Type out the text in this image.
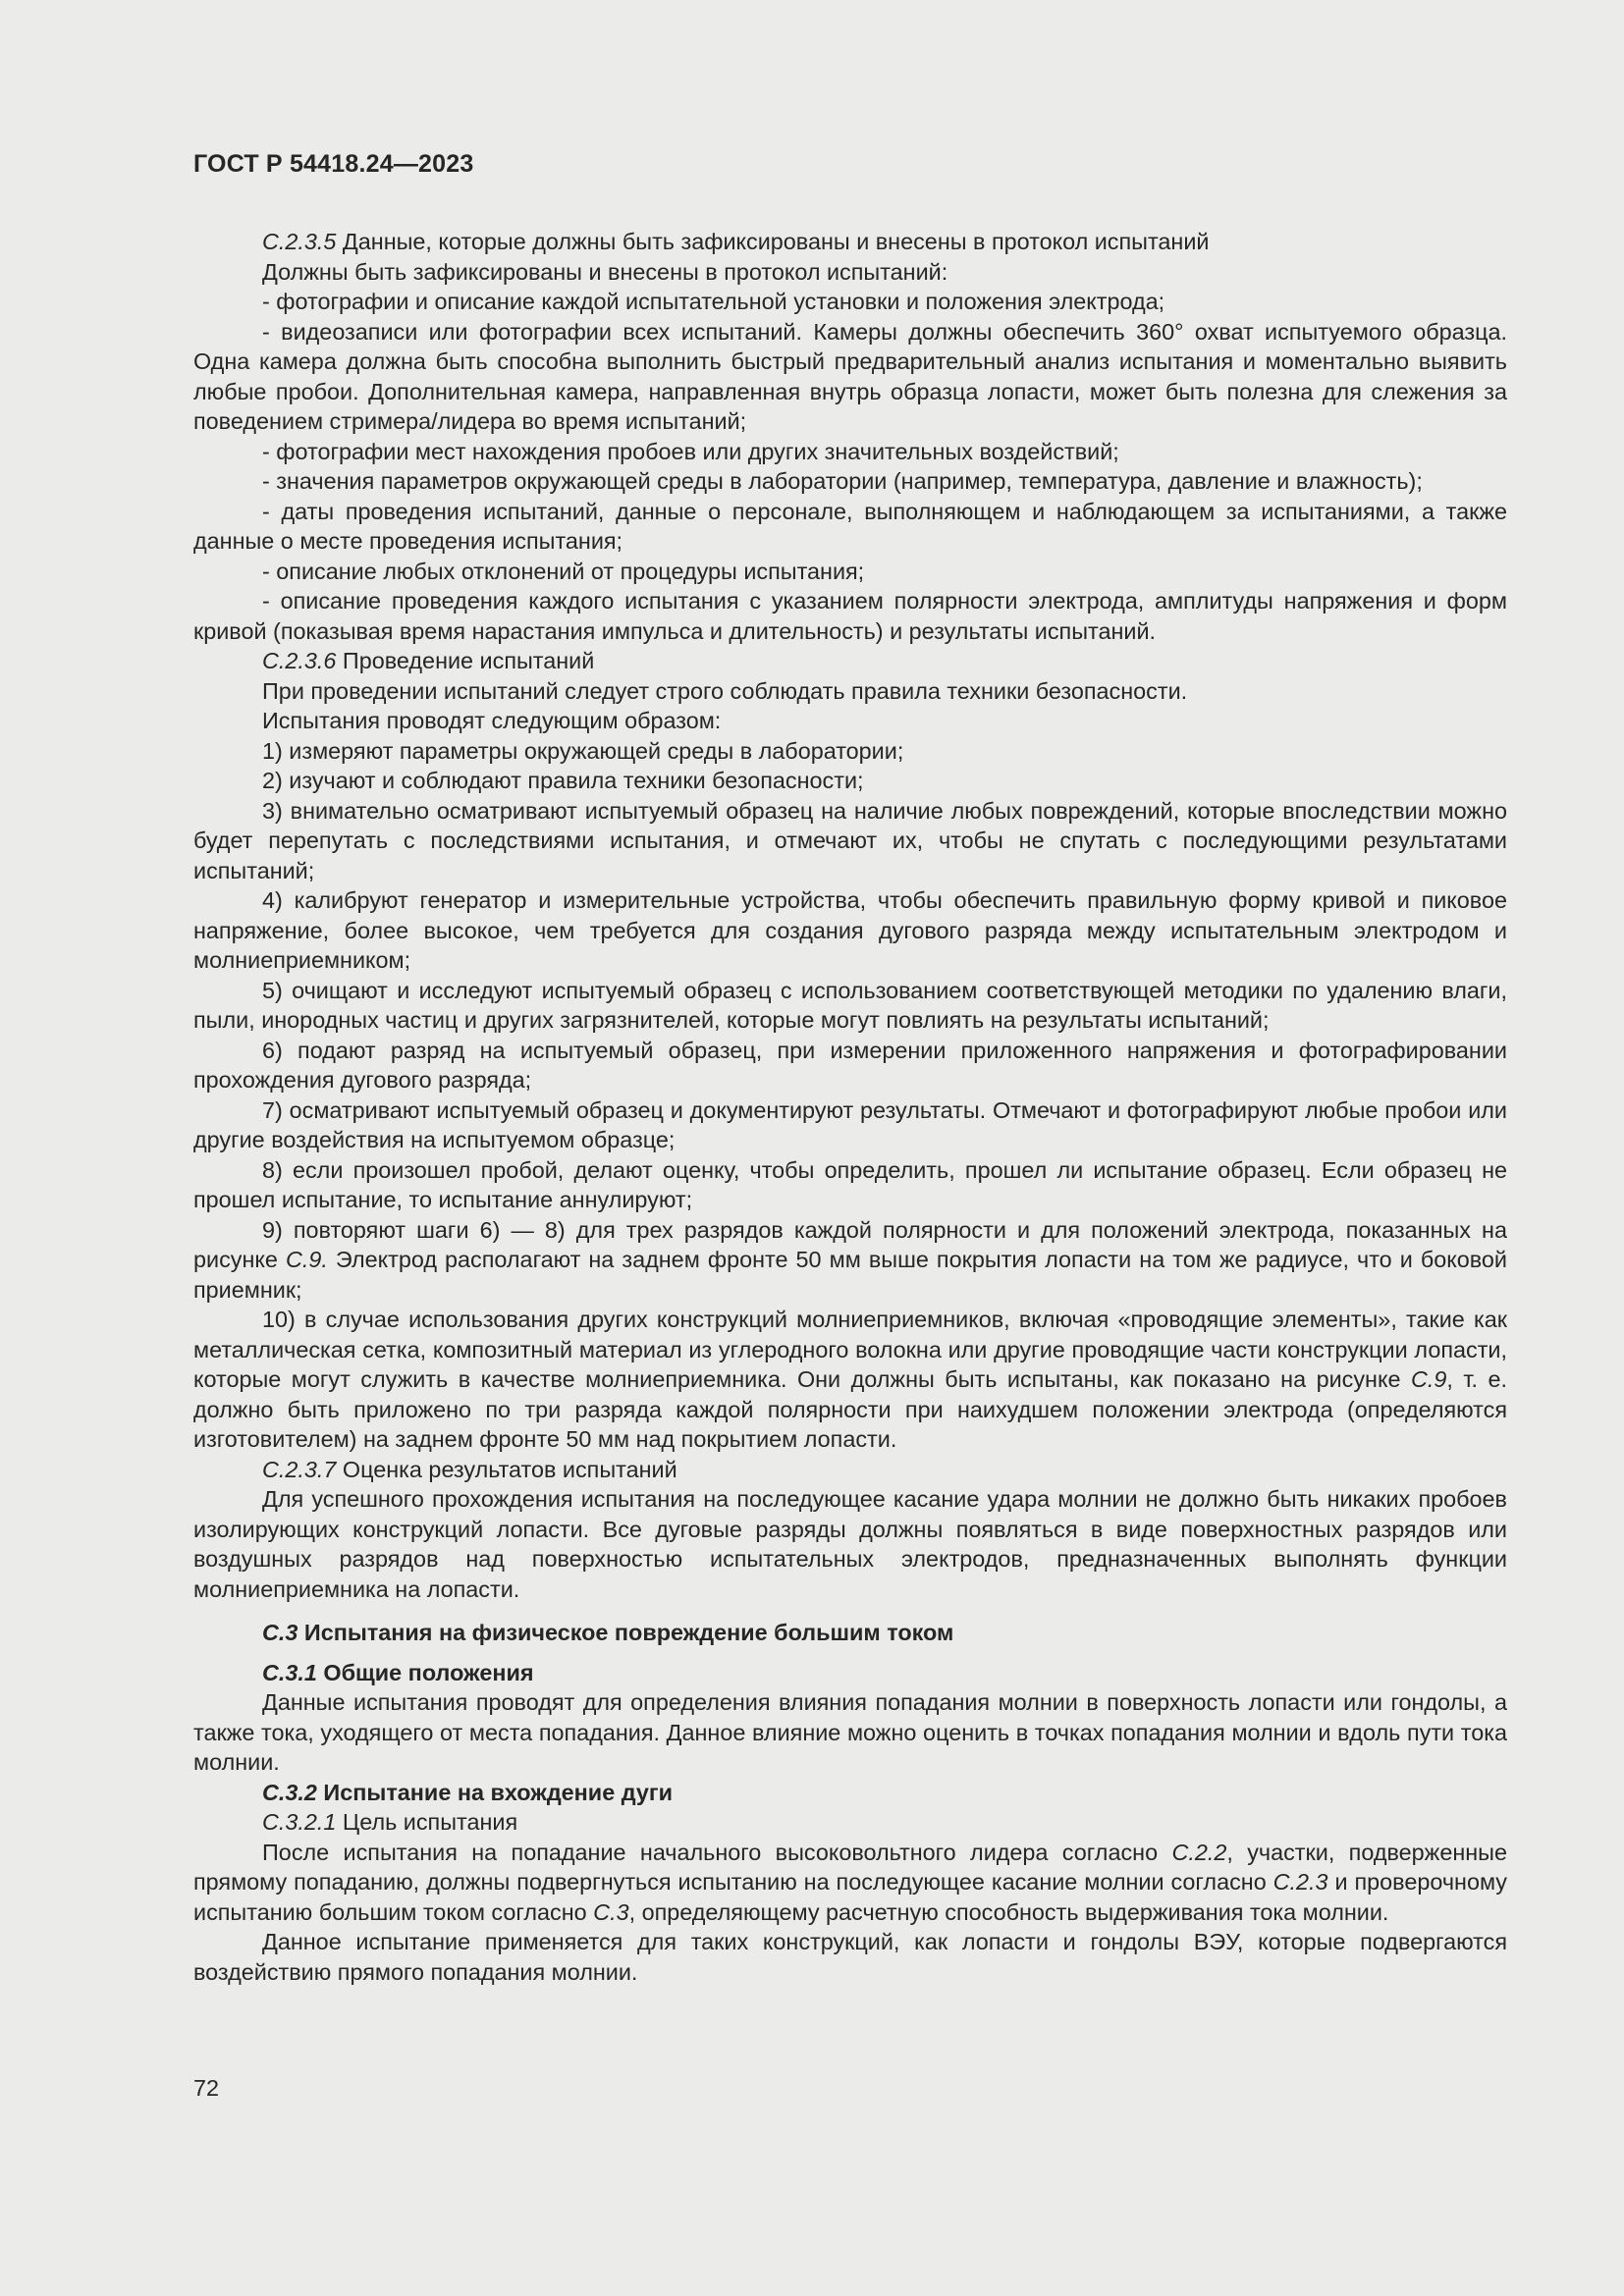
ГОСТ Р 54418.24—2023

C.2.3.5 Данные, которые должны быть зафиксированы и внесены в протокол испытаний

Должны быть зафиксированы и внесены в протокол испытаний:

- фотографии и описание каждой испытательной установки и положения электрода;

- видеозаписи или фотографии всех испытаний. Камеры должны обеспечить 360° охват испытуемого образца. Одна камера должна быть способна выполнить быстрый предварительный анализ испытания и моментально выявить любые пробои. Дополнительная камера, направленная внутрь образца лопасти, может быть полезна для слежения за поведением стримера/лидера во время испытаний;

- фотографии мест нахождения пробоев или других значительных воздействий;

- значения параметров окружающей среды в лаборатории (например, температура, давление и влажность);

- даты проведения испытаний, данные о персонале, выполняющем и наблюдающем за испытаниями, а также данные о месте проведения испытания;

- описание любых отклонений от процедуры испытания;

- описание проведения каждого испытания с указанием полярности электрода, амплитуды напряжения и форм кривой (показывая время нарастания импульса и длительность) и результаты испытаний.

C.2.3.6 Проведение испытаний

При проведении испытаний следует строго соблюдать правила техники безопасности.

Испытания проводят следующим образом:

1) измеряют параметры окружающей среды в лаборатории;

2) изучают и соблюдают правила техники безопасности;

3) внимательно осматривают испытуемый образец на наличие любых повреждений, которые впоследствии можно будет перепутать с последствиями испытания, и отмечают их, чтобы не спутать с последующими результатами испытаний;

4) калибруют генератор и измерительные устройства, чтобы обеспечить правильную форму кривой и пиковое напряжение, более высокое, чем требуется для создания дугового разряда между испытательным электродом и молниеприемником;

5) очищают и исследуют испытуемый образец с использованием соответствующей методики по удалению влаги, пыли, инородных частиц и других загрязнителей, которые могут повлиять на результаты испытаний;

6) подают разряд на испытуемый образец, при измерении приложенного напряжения и фотографировании прохождения дугового разряда;

7) осматривают испытуемый образец и документируют результаты. Отмечают и фотографируют любые пробои или другие воздействия на испытуемом образце;

8) если произошел пробой, делают оценку, чтобы определить, прошел ли испытание образец. Если образец не прошел испытание, то испытание аннулируют;

9) повторяют шаги 6) — 8) для трех разрядов каждой полярности и для положений электрода, показанных на рисунке C.9. Электрод располагают на заднем фронте 50 мм выше покрытия лопасти на том же радиусе, что и боковой приемник;

10) в случае использования других конструкций молниеприемников, включая «проводящие элементы», такие как металлическая сетка, композитный материал из углеродного волокна или другие проводящие части конструкции лопасти, которые могут служить в качестве молниеприемника. Они должны быть испытаны, как показано на рисунке C.9, т. е. должно быть приложено по три разряда каждой полярности при наихудшем положении электрода (определяются изготовителем) на заднем фронте 50 мм над покрытием лопасти.

C.2.3.7 Оценка результатов испытаний

Для успешного прохождения испытания на последующее касание удара молнии не должно быть никаких пробоев изолирующих конструкций лопасти. Все дуговые разряды должны появляться в виде поверхностных разрядов или воздушных разрядов над поверхностью испытательных электродов, предназначенных выполнять функции молниеприемника на лопасти.

C.3 Испытания на физическое повреждение большим током

C.3.1 Общие положения

Данные испытания проводят для определения влияния попадания молнии в поверхность лопасти или гондолы, а также тока, уходящего от места попадания. Данное влияние можно оценить в точках попадания молнии и вдоль пути тока молнии.

C.3.2 Испытание на вхождение дуги

C.3.2.1 Цель испытания

После испытания на попадание начального высоковольтного лидера согласно C.2.2, участки, подверженные прямому попаданию, должны подвергнуться испытанию на последующее касание молнии согласно C.2.3 и проверочному испытанию большим током согласно C.3, определяющему расчетную способность выдерживания тока молнии.

Данное испытание применяется для таких конструкций, как лопасти и гондолы ВЭУ, которые подвергаются воздействию прямого попадания молнии.

72
